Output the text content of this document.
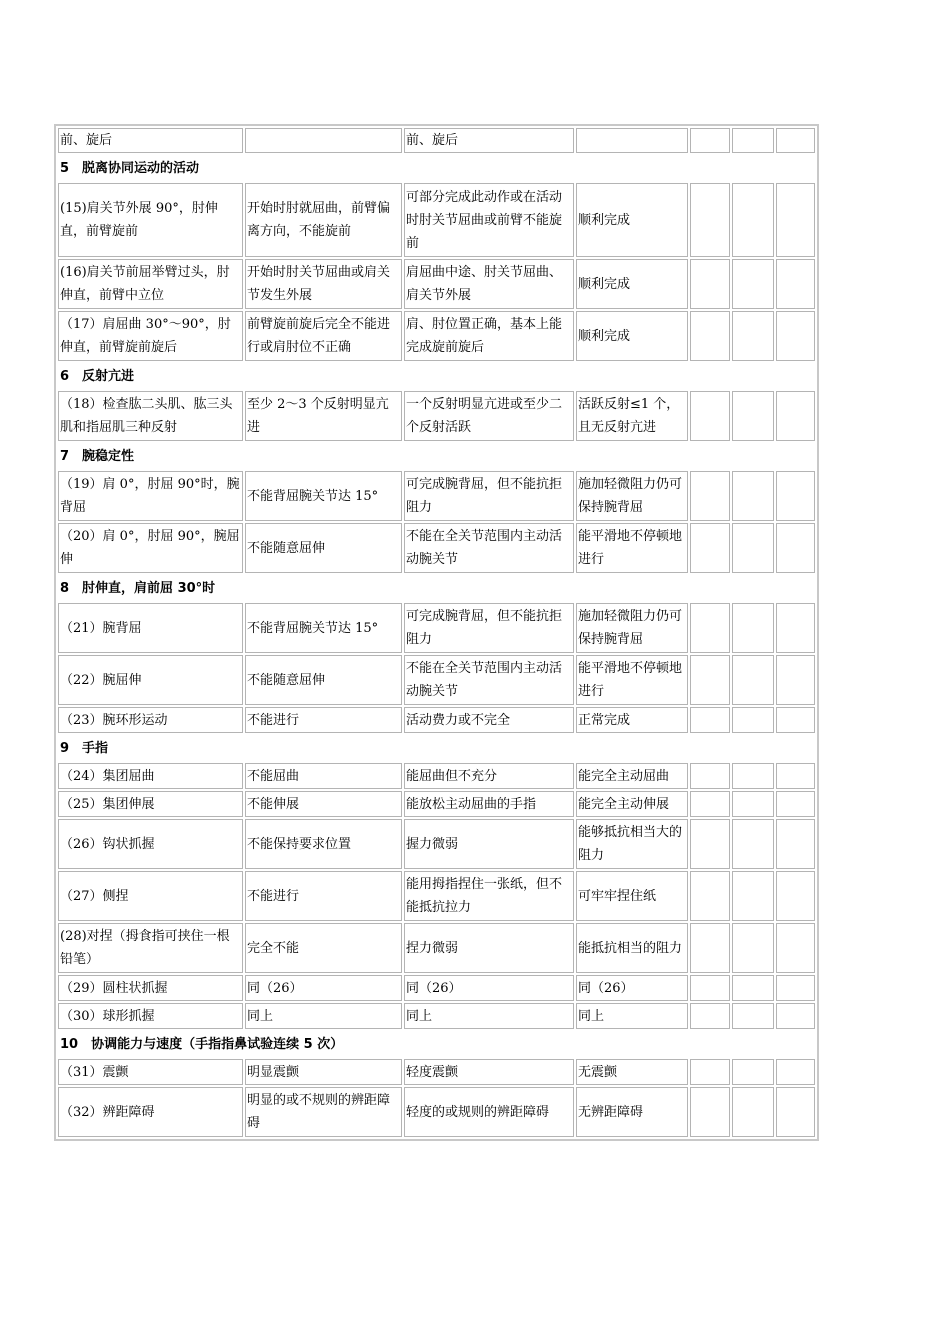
前、旋后		前、旋后				
5　脱离协同运动的活动						
(15)肩关节外展 90°，肘伸直，前臂旋前	开始时肘就屈曲，前臂偏离方向，不能旋前	可部分完成此动作或在活动时肘关节屈曲或前臂不能旋前	顺利完成			
(16)肩关节前屈举臂过头，肘伸直，前臂中立位	开始时肘关节屈曲或肩关节发生外展	肩屈曲中途、肘关节屈曲、肩关节外展	顺利完成			
（17）肩屈曲 30°～90°，肘伸直，前臂旋前旋后	前臂旋前旋后完全不能进行或肩肘位不正确	肩、肘位置正确，基本上能完成旋前旋后	顺利完成			
6　反射亢进						
（18）检查肱二头肌、肱三头肌和指屈肌三种反射	至少 2～3 个反射明显亢进	一个反射明显亢进或至少二个反射活跃	活跃反射≤1 个，且无反射亢进			
7　腕稳定性						
（19）肩 0°，肘屈 90°时，腕背屈	不能背屈腕关节达 15°	可完成腕背屈，但不能抗拒阻力	施加轻微阻力仍可保持腕背屈			
（20）肩 0°，肘屈 90°，腕屈伸	不能随意屈伸	不能在全关节范围内主动活动腕关节	能平滑地不停顿地进行			
8　肘伸直，肩前屈 30°时						
（21）腕背屈	不能背屈腕关节达 15°	可完成腕背屈，但不能抗拒阻力	施加轻微阻力仍可保持腕背屈			
（22）腕屈伸	不能随意屈伸	不能在全关节范围内主动活动腕关节	能平滑地不停顿地进行			
（23）腕环形运动	不能进行	活动费力或不完全	正常完成			
9　手指						
（24）集团屈曲	不能屈曲	能屈曲但不充分	能完全主动屈曲			
（25）集团伸展	不能伸展	能放松主动屈曲的手指	能完全主动伸展			
（26）钩状抓握	不能保持要求位置	握力微弱	能够抵抗相当大的阻力			
（27）侧捏	不能进行	能用拇指捏住一张纸，但不能抵抗拉力	可牢牢捏住纸			
(28)对捏（拇食指可挟住一根铅笔）	完全不能	捏力微弱	能抵抗相当的阻力			
（29）圆柱状抓握	同（26）	同（26）	同（26）			
（30）球形抓握	同上	同上	同上			
10　协调能力与速度（手指指鼻试验连续 5 次）						
（31）震颤	明显震颤	轻度震颤	无震颤			
（32）辨距障碍	明显的或不规则的辨距障碍	轻度的或规则的辨距障碍	无辨距障碍			
